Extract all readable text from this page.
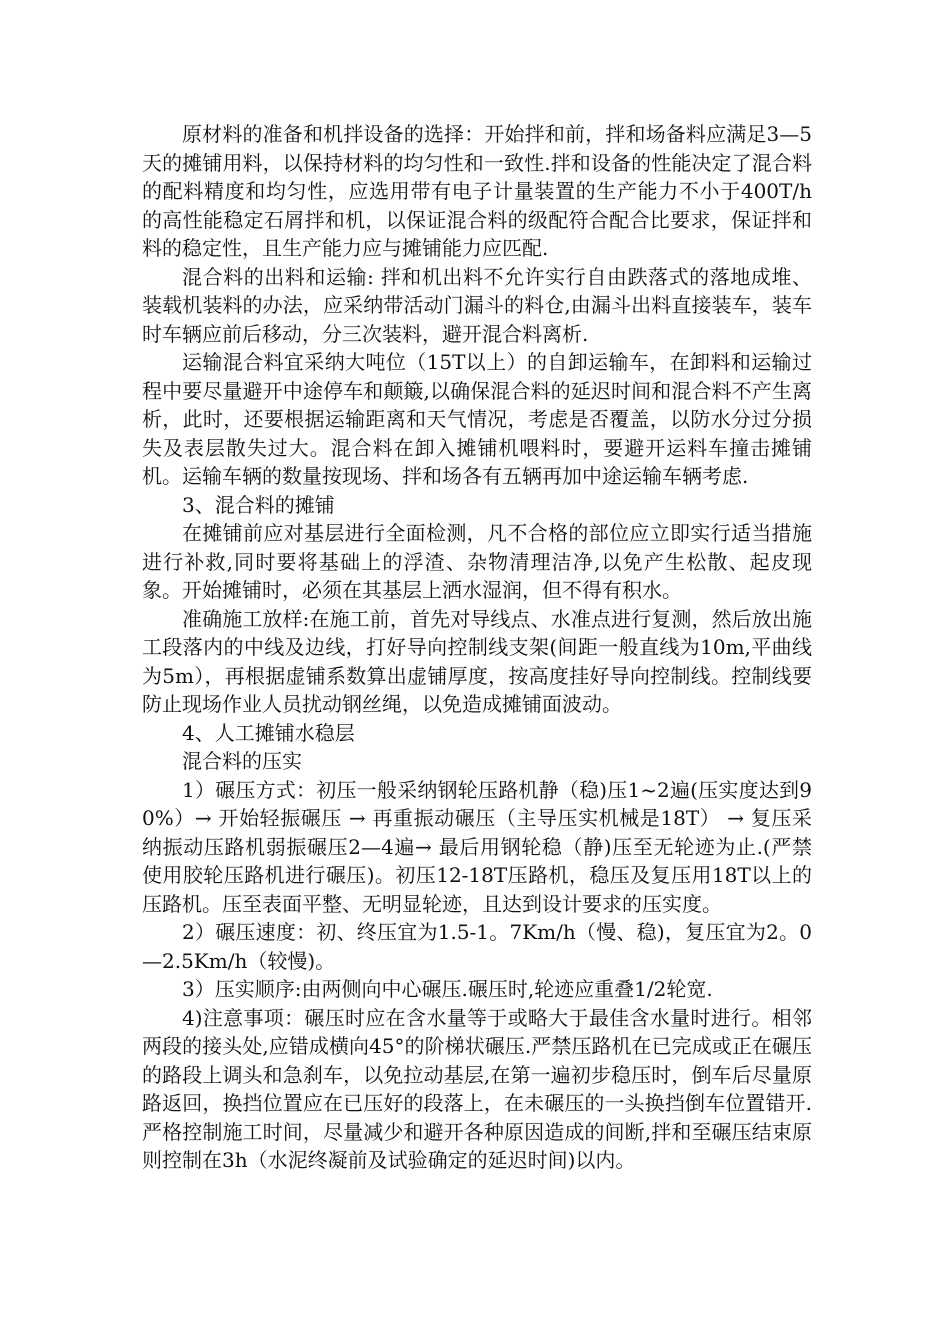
原材料的准备和机拌设备的选择：开始拌和前，拌和场备料应满足3—5天的摊铺用料，以保持材料的均匀性和一致性.拌和设备的性能决定了混合料的配料精度和均匀性，应选用带有电子计量装置的生产能力不小于400T/h的高性能稳定石屑拌和机，以保证混合料的级配符合配合比要求，保证拌和料的稳定性，且生产能力应与摊铺能力应匹配.

混合料的出料和运输: 拌和机出料不允许实行自由跌落式的落地成堆、装载机装料的办法，应采纳带活动门漏斗的料仓,由漏斗出料直接装车，装车时车辆应前后移动，分三次装料，避开混合料离析.

运输混合料宜采纳大吨位（15T以上）的自卸运输车，在卸料和运输过程中要尽量避开中途停车和颠簸,以确保混合料的延迟时间和混合料不产生离析，此时，还要根据运输距离和天气情况，考虑是否覆盖，以防水分过分损失及表层散失过大。混合料在卸入摊铺机喂料时，要避开运料车撞击摊铺机。运输车辆的数量按现场、拌和场各有五辆再加中途运输车辆考虑.

3、混合料的摊铺

在摊铺前应对基层进行全面检测，凡不合格的部位应立即实行适当措施进行补救,同时要将基础上的浮渣、杂物清理洁净,以免产生松散、起皮现象。开始摊铺时，必须在其基层上洒水湿润，但不得有积水。

准确施工放样:在施工前，首先对导线点、水准点进行复测，然后放出施工段落内的中线及边线，打好导向控制线支架(间距一般直线为10m,平曲线为5m），再根据虚铺系数算出虚铺厚度，按高度挂好导向控制线。控制线要防止现场作业人员扰动钢丝绳，以免造成摊铺面波动。

4、人工摊铺水稳层

混合料的压实

1）碾压方式：初压一般采纳钢轮压路机静（稳)压1~2遍(压实度达到90%）→ 开始轻振碾压 → 再重振动碾压（主导压实机械是18T） → 复压采纳振动压路机弱振碾压2—4遍→ 最后用钢轮稳（静)压至无轮迹为止.(严禁使用胶轮压路机进行碾压)。初压12-18T压路机，稳压及复压用18T以上的压路机。压至表面平整、无明显轮迹，且达到设计要求的压实度。

2）碾压速度：初、终压宜为1.5-1。7Km/h（慢、稳)，复压宜为2。0—2.5Km/h（较慢)。

3）压实顺序:由两侧向中心碾压.碾压时,轮迹应重叠1/2轮宽.

4)注意事项：碾压时应在含水量等于或略大于最佳含水量时进行。相邻两段的接头处,应错成横向45°的阶梯状碾压.严禁压路机在已完成或正在碾压的路段上调头和急刹车，以免拉动基层,在第一遍初步稳压时，倒车后尽量原路返回，换挡位置应在已压好的段落上，在未碾压的一头换挡倒车位置错开.严格控制施工时间，尽量减少和避开各种原因造成的间断,拌和至碾压结束原则控制在3h（水泥终凝前及试验确定的延迟时间)以内。
